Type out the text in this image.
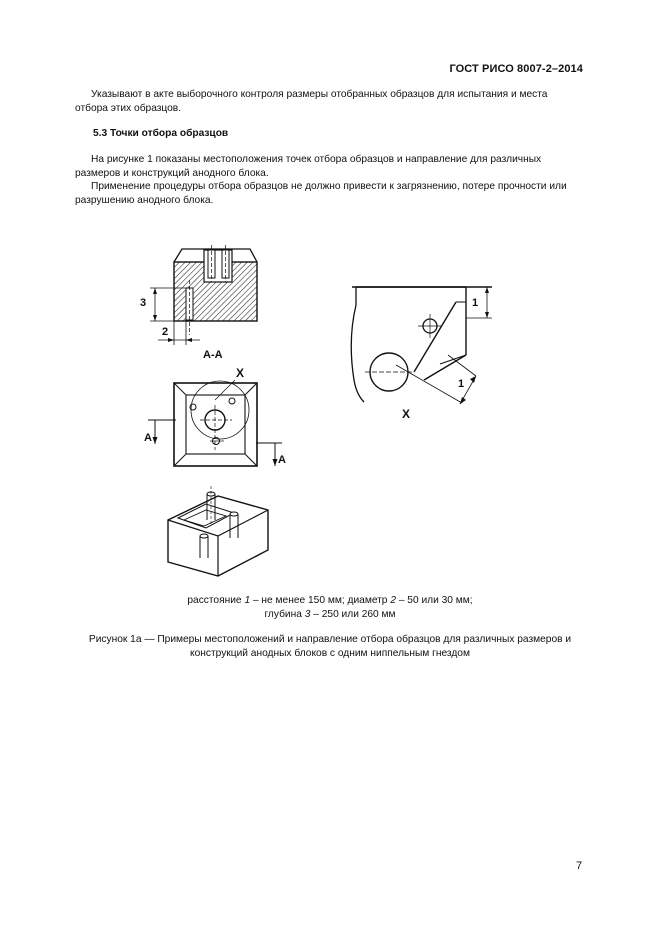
ГОСТ РИСО 8007-2–2014

Указывают в акте выборочного контроля размеры отобранных образцов для испытания и места отбора этих образцов.

5.3 Точки отбора образцов

На рисунке 1 показаны местоположения точек отбора образцов и направление для различных размеров и конструкций анодного блока.

Применение процедуры отбора образцов не должно привести к загрязнению, потере прочности или разрушению анодного блока.

3
2
А-А
Х
А
А
1
1
Х
расстояние 1 – не менее 150 мм; диаметр 2 – 50 или 30 мм;
глубина 3 – 250 или 260 мм
Рисунок 1а — Примеры местоположений и направление отбора образцов для различных размеров и конструкций анодных блоков с одним ниппельным гнездом
7
